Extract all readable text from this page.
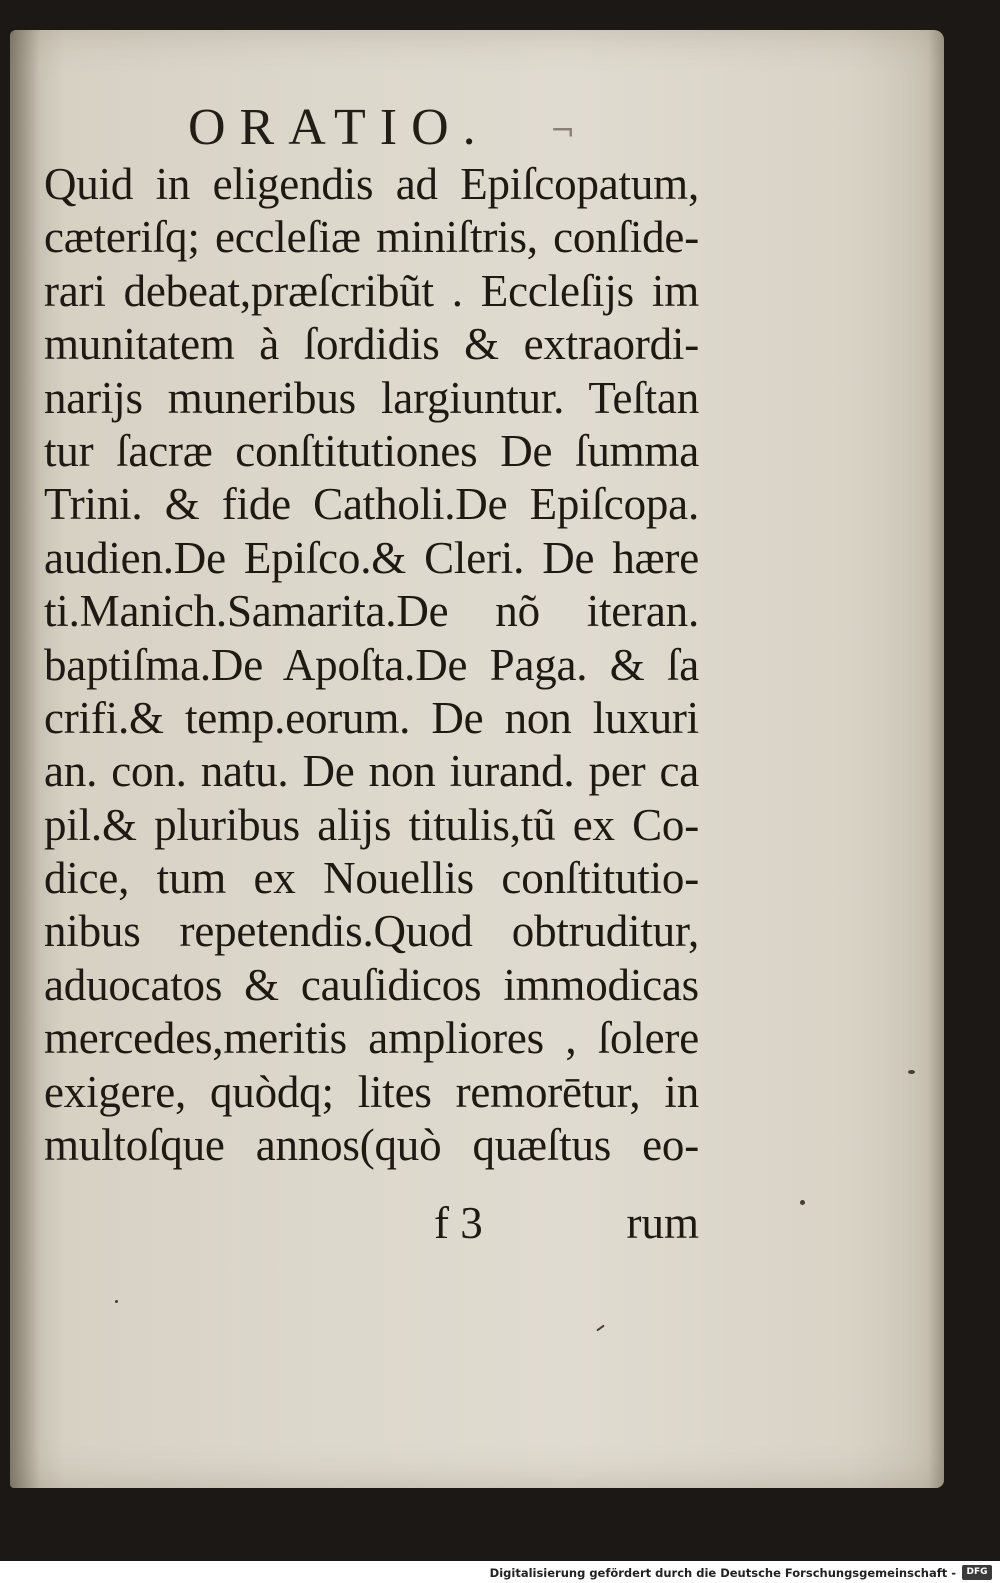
ORATIO. ¬
Quid in eligendis ad Epiſcopatum,
cæteriſq; eccleſiæ miniſtris, conſide-
rari debeat,præſcribũt . Eccleſijs im
munitatem à ſordidis & extraordi-
narijs muneribus largiuntur. Teſtan
tur ſacræ conſtitutiones De ſumma
Trini. & fide Catholi.De Epiſcopa.
audien.De Epiſco.& Cleri. De hære
ti.Manich.Samarita.De nõ iteran.
baptiſma.De Apoſta.De Paga. & ſa
crifi.& temp.eorum. De non luxuri
an. con. natu. De non iurand. per ca
pil.& pluribus alijs titulis,tũ ex Co-
dice, tum ex Nouellis conſtitutio-
nibus repetendis.Quod obtruditur,
aduocatos & cauſidicos immodicas
mercedes,meritis ampliores , ſolere
exigere, quòdq; lites remorētur, in
multoſque annos(quò quæſtus eo-
f 3	rum
Digitalisierung gefördert durch die Deutsche Forschungsgemeinschaft -	DFG
